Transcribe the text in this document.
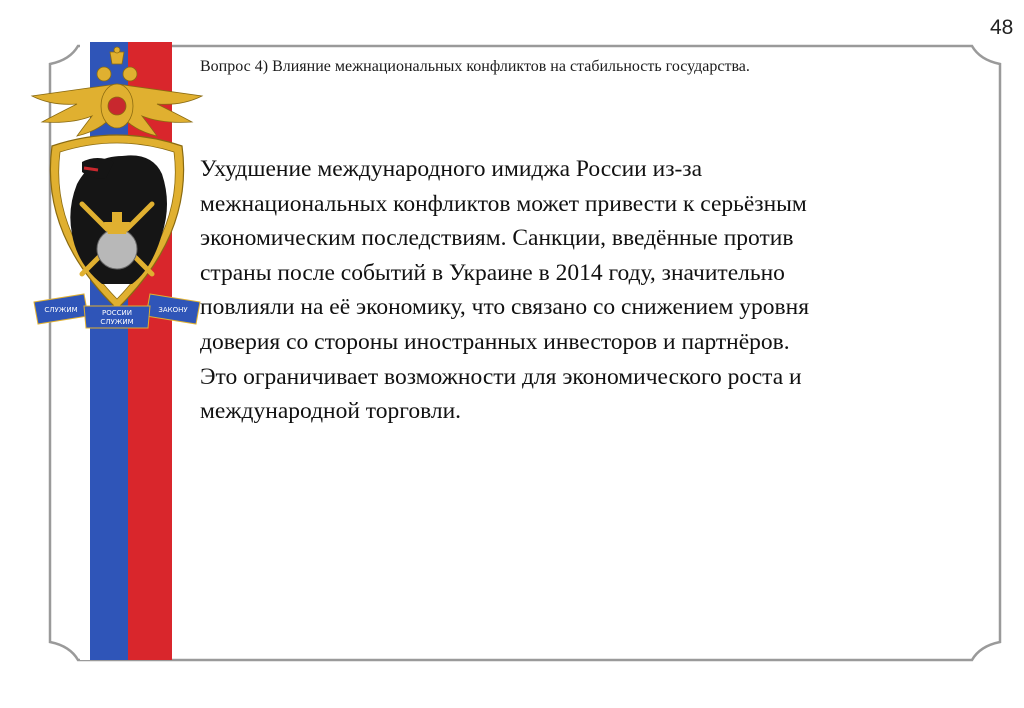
48
СЛУЖИМ	РОССИИ
СЛУЖИМ
ЗАКОНУ
Вопрос 4) Влияние межнациональных конфликтов на стабильность государства.
Ухудшение международного имиджа России из-за
межнациональных конфликтов может привести к серьёзным
экономическим последствиям. Санкции, введённые против
страны после событий в Украине в 2014 году, значительно
повлияли на её экономику, что связано со снижением уровня
доверия со стороны иностранных инвесторов и партнёров.
Это ограничивает возможности для экономического роста и
международной торговли.
